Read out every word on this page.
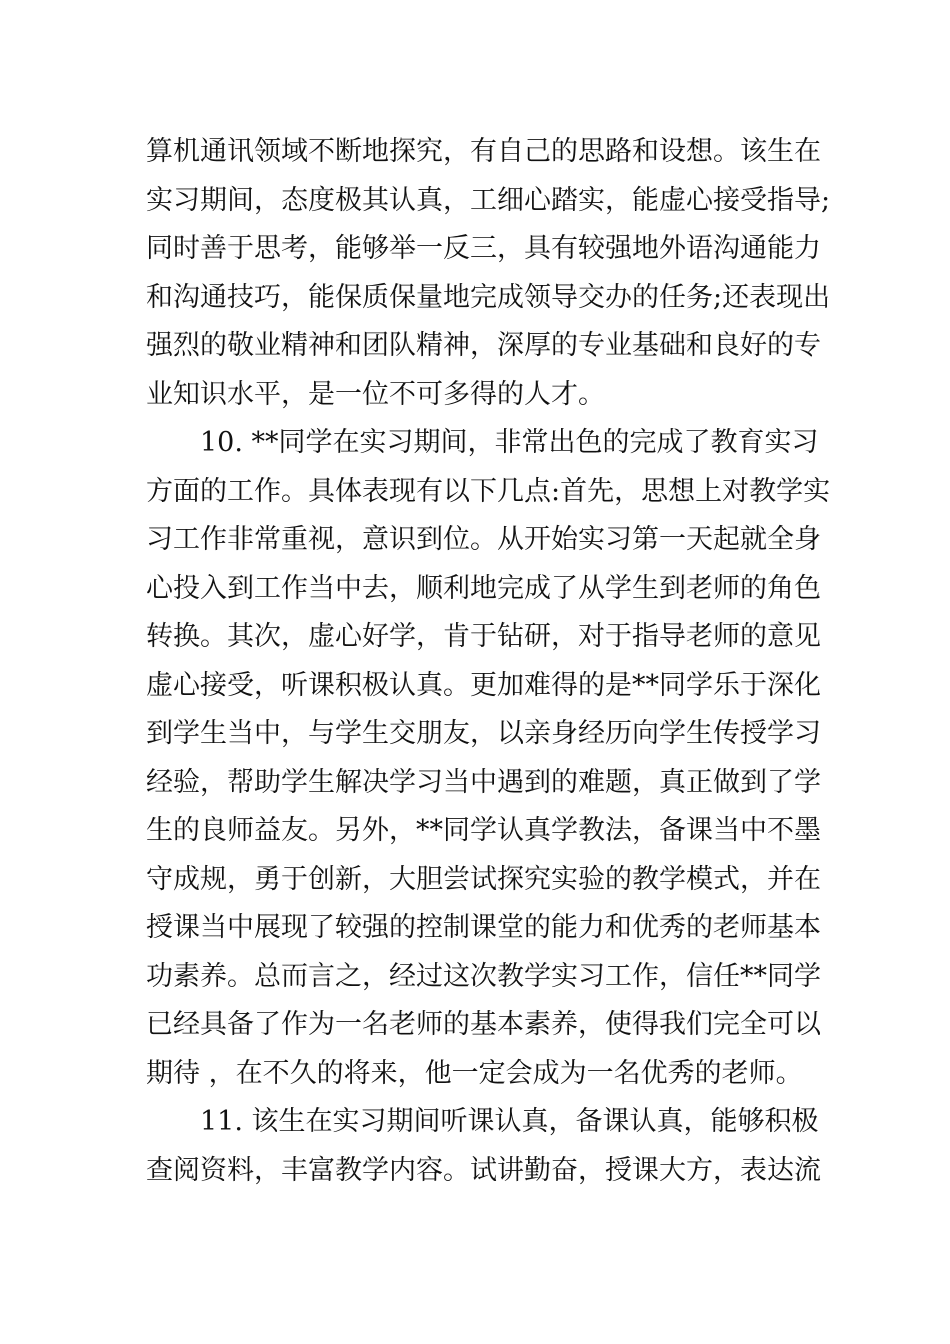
算机通讯领域不断地探究，有自己的思路和设想。该生在
实习期间，态度极其认真，工细心踏实，能虚心接受指导;
同时善于思考，能够举一反三，具有较强地外语沟通能力
和沟通技巧，能保质保量地完成领导交办的任务;还表现出
强烈的敬业精神和团队精神，深厚的专业基础和良好的专
业知识水平，是一位不可多得的人才。
10. **同学在实习期间，非常出色的完成了教育实习
方面的工作。具体表现有以下几点:首先，思想上对教学实
习工作非常重视，意识到位。从开始实习第一天起就全身
心投入到工作当中去，顺利地完成了从学生到老师的角色
转换。其次，虚心好学，肯于钻研，对于指导老师的意见
虚心接受，听课积极认真。更加难得的是**同学乐于深化
到学生当中，与学生交朋友，以亲身经历向学生传授学习
经验，帮助学生解决学习当中遇到的难题，真正做到了学
生的良师益友。另外，**同学认真学教法，备课当中不墨
守成规，勇于创新，大胆尝试探究实验的教学模式，并在
授课当中展现了较强的控制课堂的能力和优秀的老师基本
功素养。总而言之，经过这次教学实习工作，信任**同学
已经具备了作为一名老师的基本素养，使得我们完全可以
期待 ，在不久的将来，他一定会成为一名优秀的老师。
11. 该生在实习期间听课认真，备课认真，能够积极
查阅资料，丰富教学内容。试讲勤奋，授课大方，表达流
